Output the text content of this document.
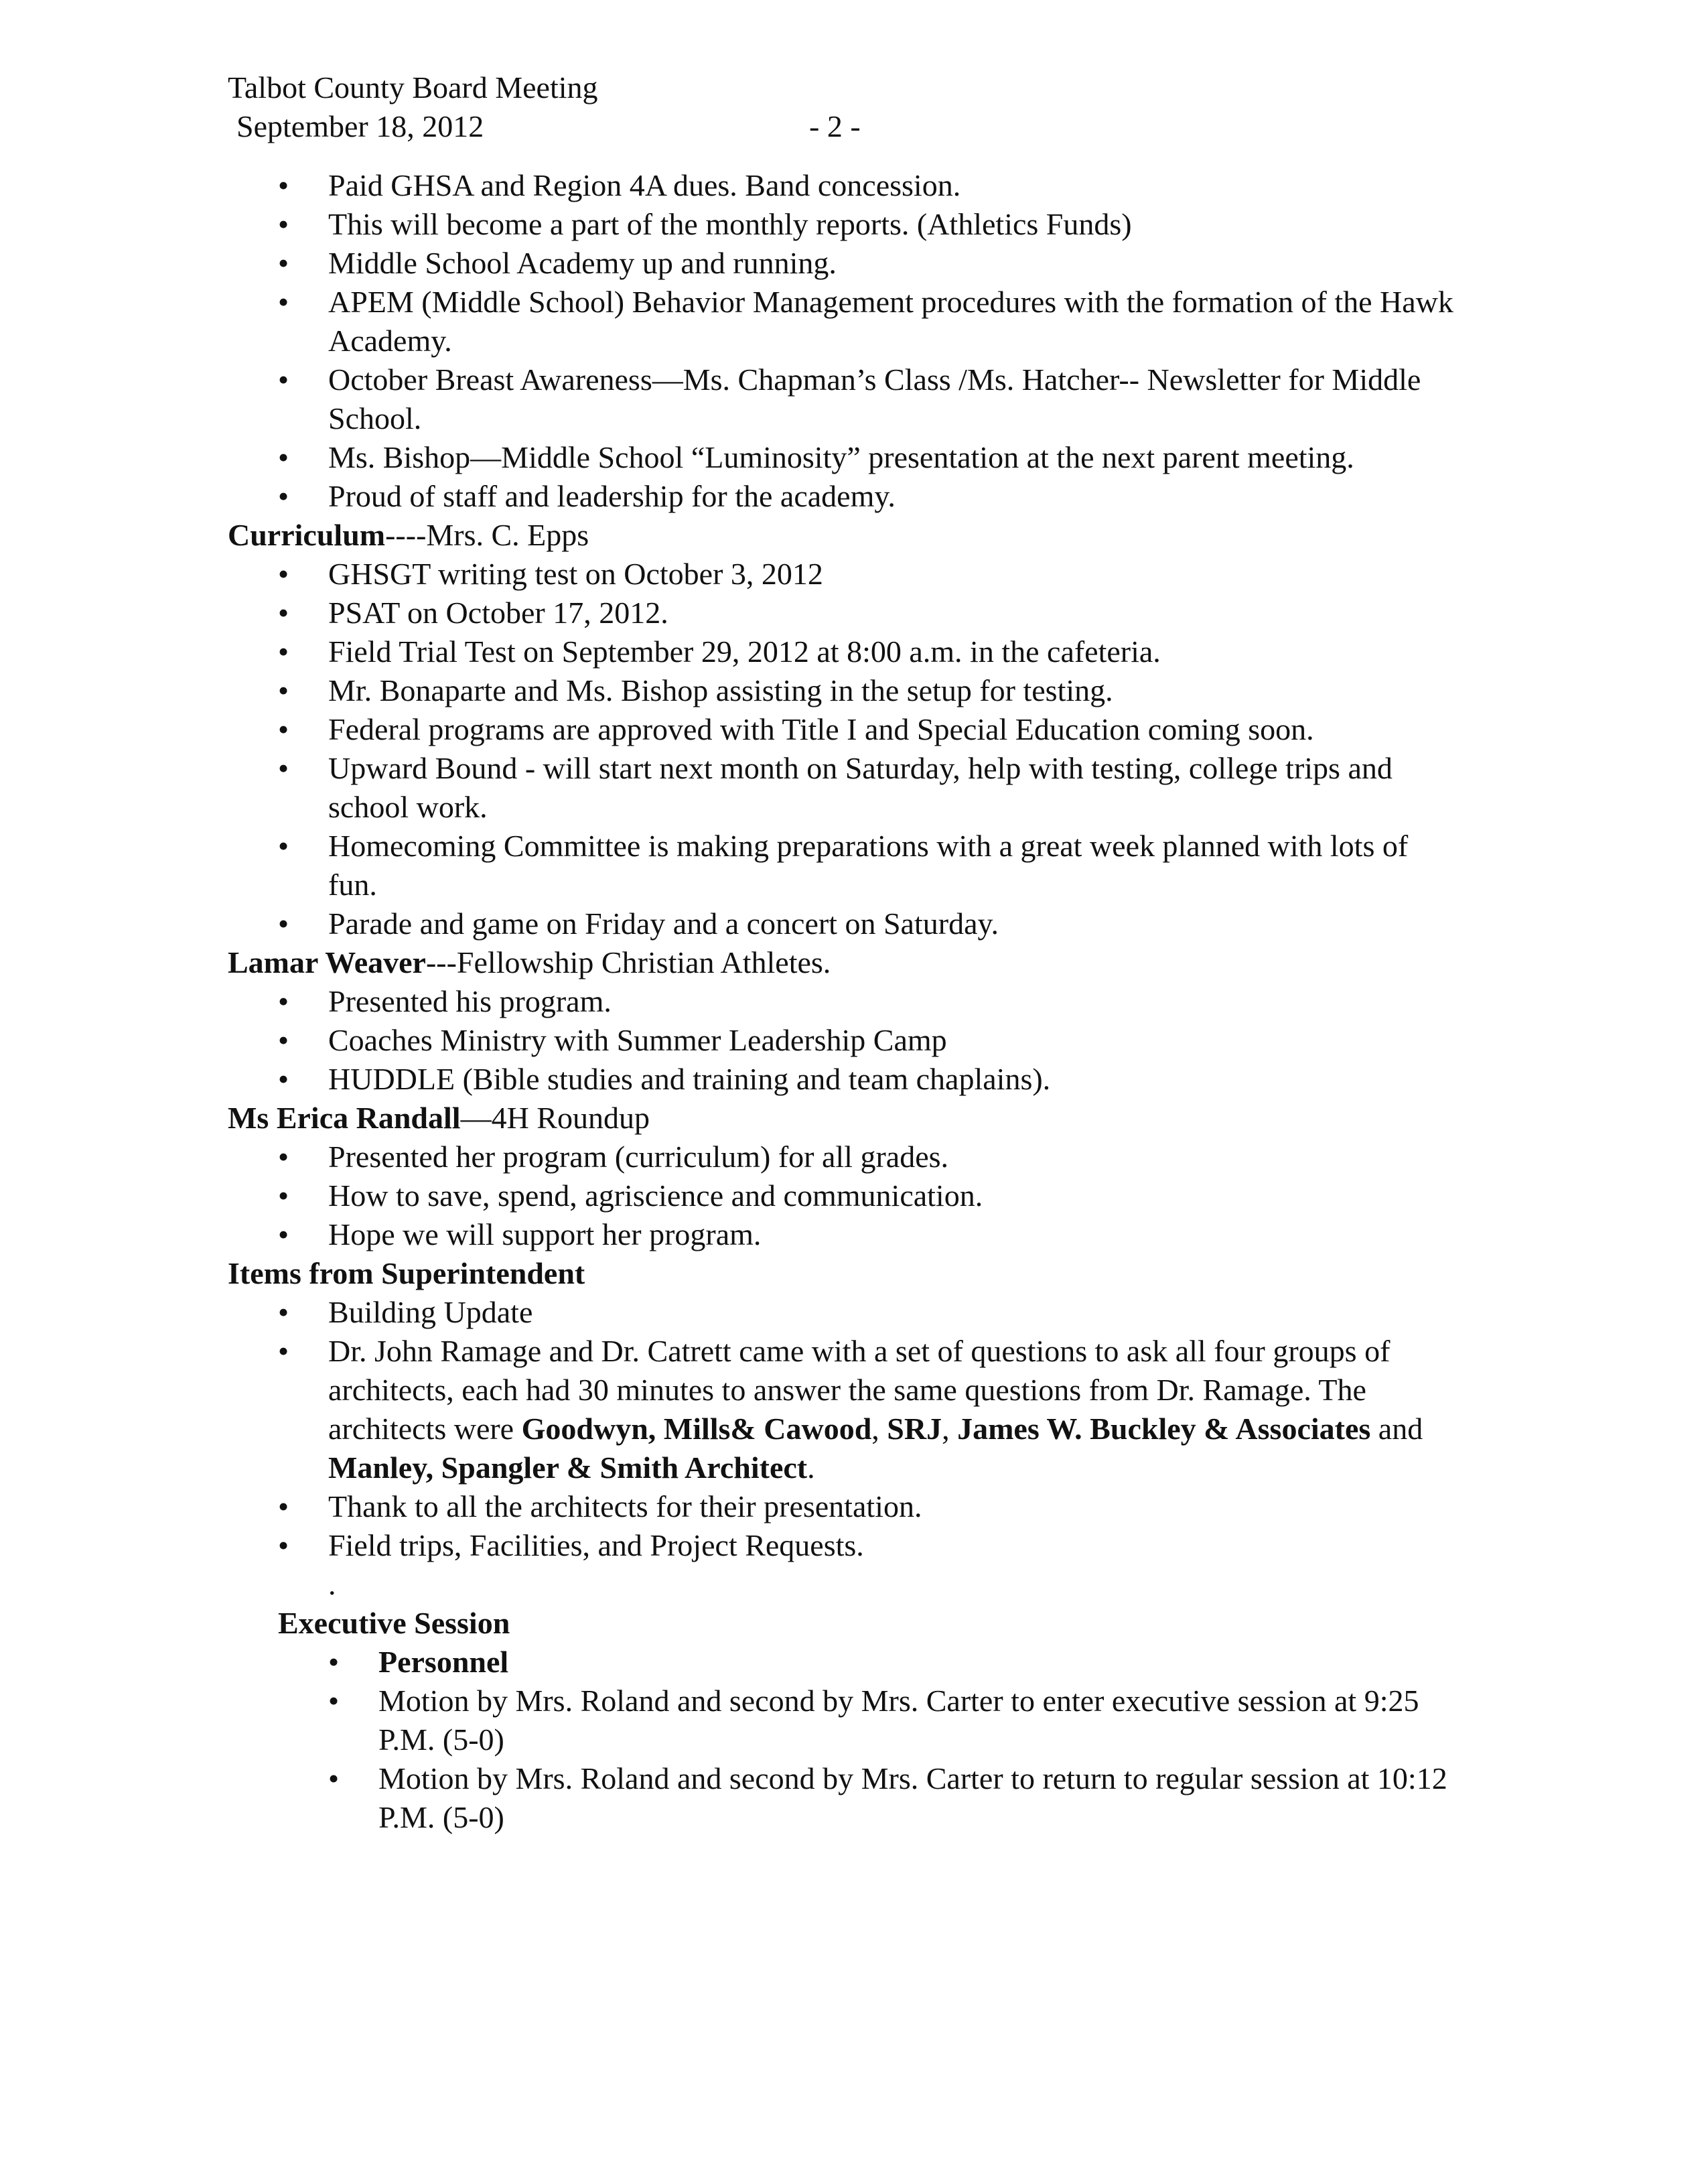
Talbot County Board Meeting
September 18, 2012	- 2 -
• Paid GHSA and Region 4A dues. Band concession.
• This will become a part of the monthly reports. (Athletics Funds)
• Middle School Academy up and running.
• APEM (Middle School) Behavior Management procedures with the formation of the Hawk Academy.
• October Breast Awareness—Ms. Chapman’s Class /Ms. Hatcher-- Newsletter for Middle School.
• Ms. Bishop—Middle School “Luminosity” presentation at the next parent meeting.
• Proud of staff and leadership for the academy.

Curriculum----Mrs. C. Epps

• GHSGT writing test on October 3, 2012
• PSAT on October 17, 2012.
• Field Trial Test on September 29, 2012 at 8:00 a.m. in the cafeteria.
• Mr. Bonaparte and Ms. Bishop assisting in the setup for testing.
• Federal programs are approved with Title I and Special Education coming soon.
• Upward Bound - will start next month on Saturday, help with testing, college trips and school work.
• Homecoming Committee is making preparations with a great week planned with lots of fun.
• Parade and game on Friday and a concert on Saturday.

Lamar Weaver---Fellowship Christian Athletes.

• Presented his program.
• Coaches Ministry with Summer Leadership Camp
• HUDDLE (Bible studies and training and team chaplains).

Ms Erica Randall—4H Roundup

• Presented her program (curriculum) for all grades.
• How to save, spend, agriscience and communication.
• Hope we will support her program.

Items from Superintendent

• Building Update
• Dr. John Ramage and Dr. Catrett came with a set of questions to ask all four groups of architects, each had 30 minutes to answer the same questions from Dr. Ramage. The architects were Goodwyn, Mills& Cawood, SRJ, James W. Buckley & Associates and Manley, Spangler & Smith Architect.
• Thank to all the architects for their presentation.
• Field trips, Facilities, and Project Requests.
.

Executive Session

• Personnel
• Motion by Mrs. Roland and second by Mrs. Carter to enter executive session at 9:25 P.M. (5-0)
• Motion by Mrs. Roland and second by Mrs. Carter to return to regular session at 10:12 P.M. (5-0)
